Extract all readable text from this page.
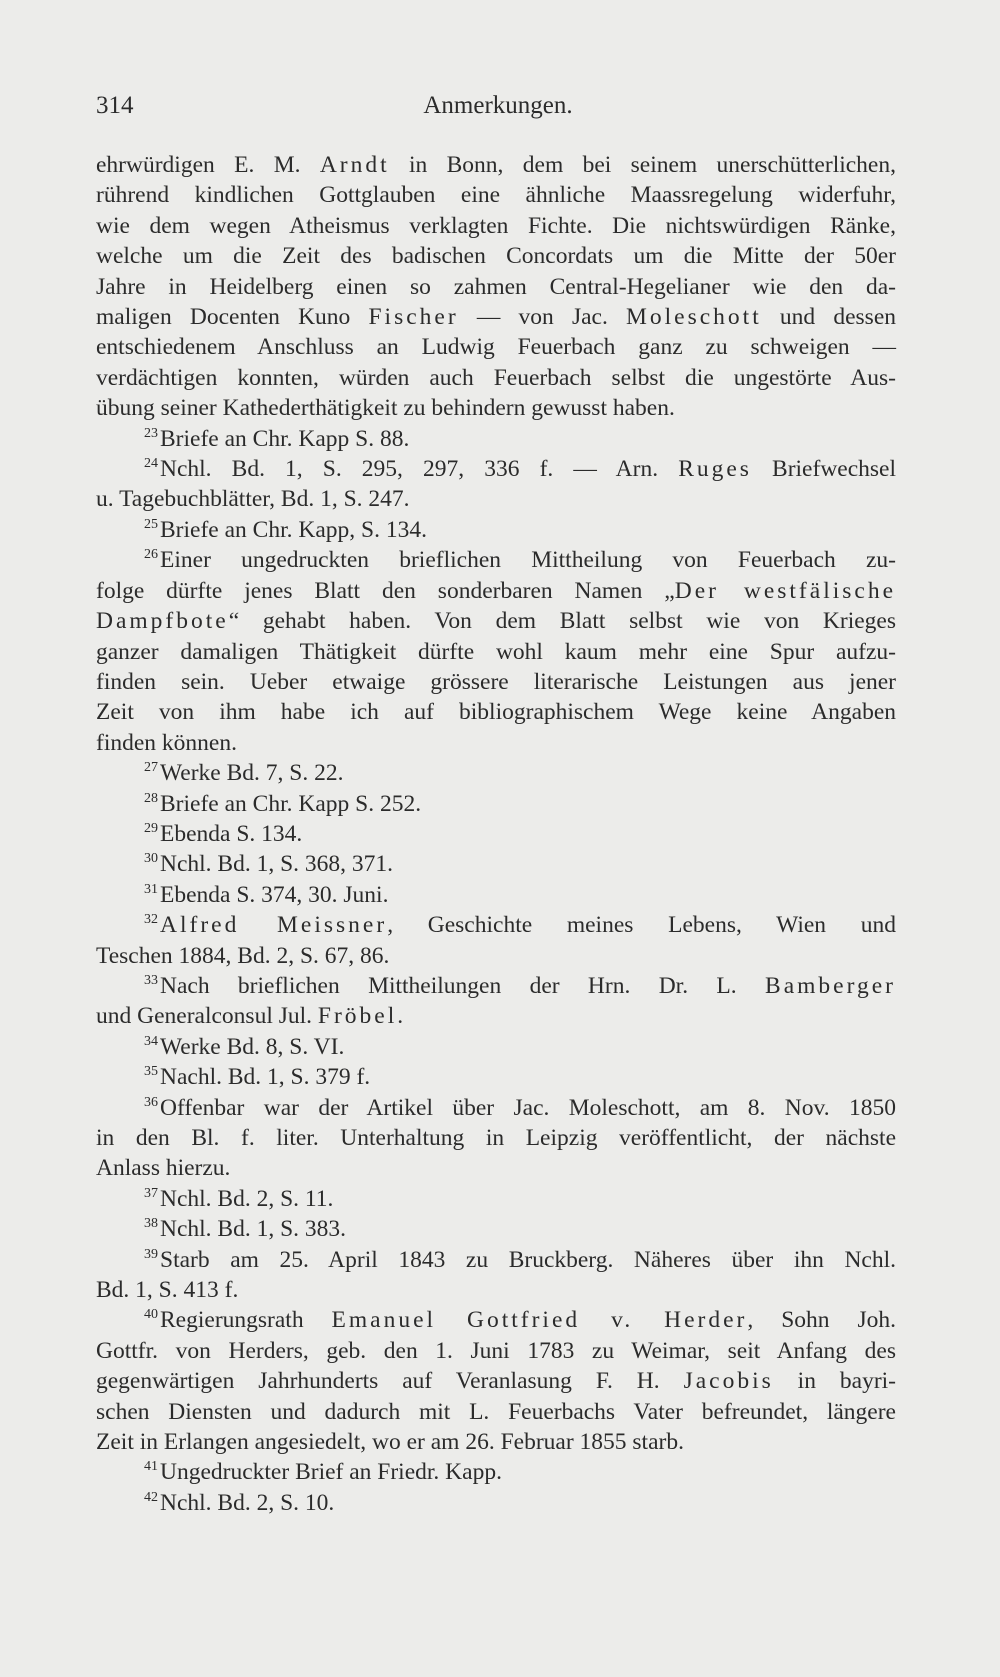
314	Anmerkungen.
ehrwürdigen E. M. Arndt in Bonn, dem bei seinem unerschütterlichen,
rührend kindlichen Gottglauben eine ähnliche Maassregelung widerfuhr,
wie dem wegen Atheismus verklagten Fichte. Die nichtswürdigen Ränke,
welche um die Zeit des badischen Concordats um die Mitte der 50er
Jahre in Heidelberg einen so zahmen Central-Hegelianer wie den da-
maligen Docenten Kuno Fischer — von Jac. Moleschott und dessen
entschiedenem Anschluss an Ludwig Feuerbach ganz zu schweigen —
verdächtigen konnten, würden auch Feuerbach selbst die ungestörte Aus-
übung seiner Kathederthätigkeit zu behindern gewusst haben.
$^{23}$Briefe an Chr. Kapp S. 88.
$^{24}$Nchl. Bd. 1, S. 295, 297, 336 f. — Arn. Ruges Briefwechsel
u. Tagebuchblätter, Bd. 1, S. 247.
$^{25}$Briefe an Chr. Kapp, S. 134.
$^{26}$Einer ungedruckten brieflichen Mittheilung von Feuerbach zu-
folge dürfte jenes Blatt den sonderbaren Namen „Der westfälische
Dampfbote“ gehabt haben. Von dem Blatt selbst wie von Krieges
ganzer damaligen Thätigkeit dürfte wohl kaum mehr eine Spur aufzu-
finden sein. Ueber etwaige grössere literarische Leistungen aus jener
Zeit von ihm habe ich auf bibliographischem Wege keine Angaben
finden können.
$^{27}$Werke Bd. 7, S. 22.
$^{28}$Briefe an Chr. Kapp S. 252.
$^{29}$Ebenda S. 134.
$^{30}$Nchl. Bd. 1, S. 368, 371.
$^{31}$Ebenda S. 374, 30. Juni.
$^{32}$Alfred Meissner, Geschichte meines Lebens, Wien und
Teschen 1884, Bd. 2, S. 67, 86.
$^{33}$Nach brieflichen Mittheilungen der Hrn. Dr. L. Bamberger
und Generalconsul Jul. Fröbel.
$^{34}$Werke Bd. 8, S. VI.
$^{35}$Nachl. Bd. 1, S. 379 f.
$^{36}$Offenbar war der Artikel über Jac. Moleschott, am 8. Nov. 1850
in den Bl. f. liter. Unterhaltung in Leipzig veröffentlicht, der nächste
Anlass hierzu.
$^{37}$Nchl. Bd. 2, S. 11.
$^{38}$Nchl. Bd. 1, S. 383.
$^{39}$Starb am 25. April 1843 zu Bruckberg. Näheres über ihn Nchl.
Bd. 1, S. 413 f.
$^{40}$Regierungsrath Emanuel Gottfried v. Herder, Sohn Joh.
Gottfr. von Herders, geb. den 1. Juni 1783 zu Weimar, seit Anfang des
gegenwärtigen Jahrhunderts auf Veranlasung F. H. Jacobis in bayri-
schen Diensten und dadurch mit L. Feuerbachs Vater befreundet, längere
Zeit in Erlangen angesiedelt, wo er am 26. Februar 1855 starb.
$^{41}$Ungedruckter Brief an Friedr. Kapp.
$^{42}$Nchl. Bd. 2, S. 10.
